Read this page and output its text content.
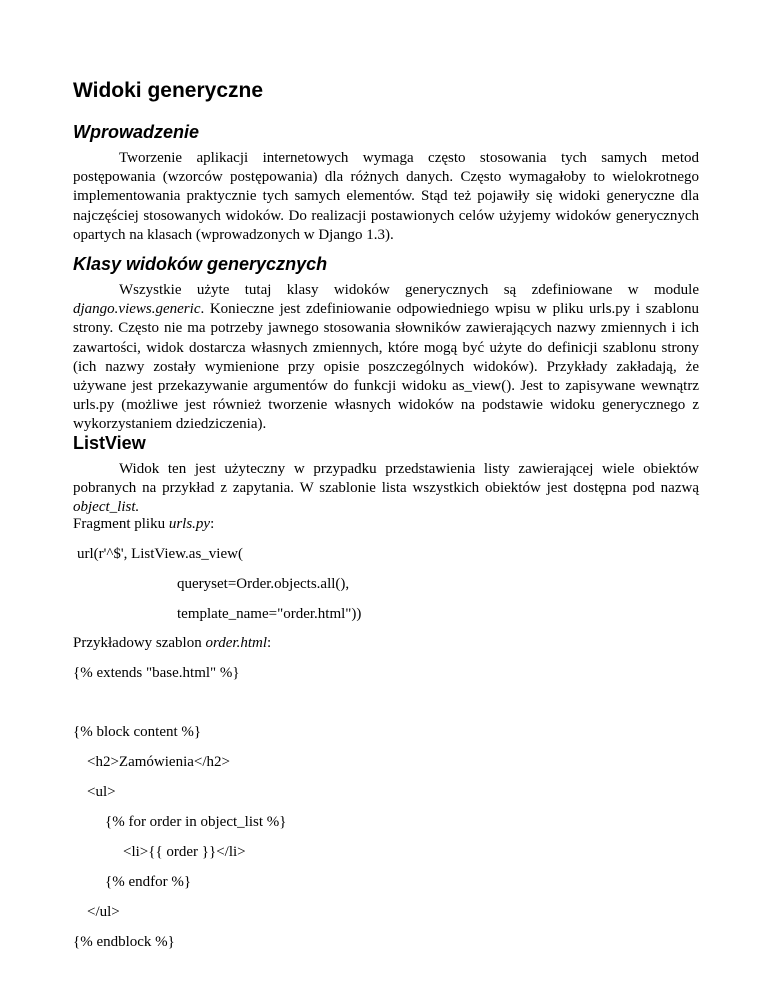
Widoki generyczne
Wprowadzenie

Tworzenie aplikacji internetowych wymaga często stosowania tych samych metod postępowania (wzorców postępowania) dla różnych danych. Często wymagałoby to wielokrotnego implementowania praktycznie tych samych elementów. Stąd też pojawiły się widoki generyczne dla najczęściej stosowanych widoków. Do realizacji postawionych celów użyjemy widoków generycznych opartych na klasach (wprowadzonych w Django 1.3).

Klasy widoków generycznych

Wszystkie użyte tutaj klasy widoków generycznych są zdefiniowane w module django.views.generic. Konieczne jest zdefiniowanie odpowiedniego wpisu w pliku urls.py i szablonu strony. Często nie ma potrzeby jawnego stosowania słowników zawierających nazwy zmiennych i ich zawartości, widok dostarcza własnych zmiennych, które mogą być użyte do definicji szablonu strony (ich nazwy zostały wymienione przy opisie poszczególnych widoków). Przykłady zakładają, że używane jest przekazywanie argumentów do funkcji widoku as_view(). Jest to zapisywane wewnątrz urls.py (możliwe jest również tworzenie własnych widoków na podstawie widoku generycznego z wykorzystaniem dziedziczenia).

ListView

Widok ten jest użyteczny w przypadku przedstawienia listy zawierającej wiele obiektów pobranych na przykład z zapytania. W szablonie lista wszystkich obiektów jest dostępna pod nazwą object_list.

Fragment pliku urls.py:

url(r'^$', ListView.as_view(

queryset=Order.objects.all(),

template_name="order.html"))

Przykładowy szablon order.html:

{% extends "base.html" %}

{% block content %}

<h2>Zamówienia</h2>

<ul>

{% for order in object_list %}

<li>{{ order }}</li>

{% endfor %}

</ul>

{% endblock %}
